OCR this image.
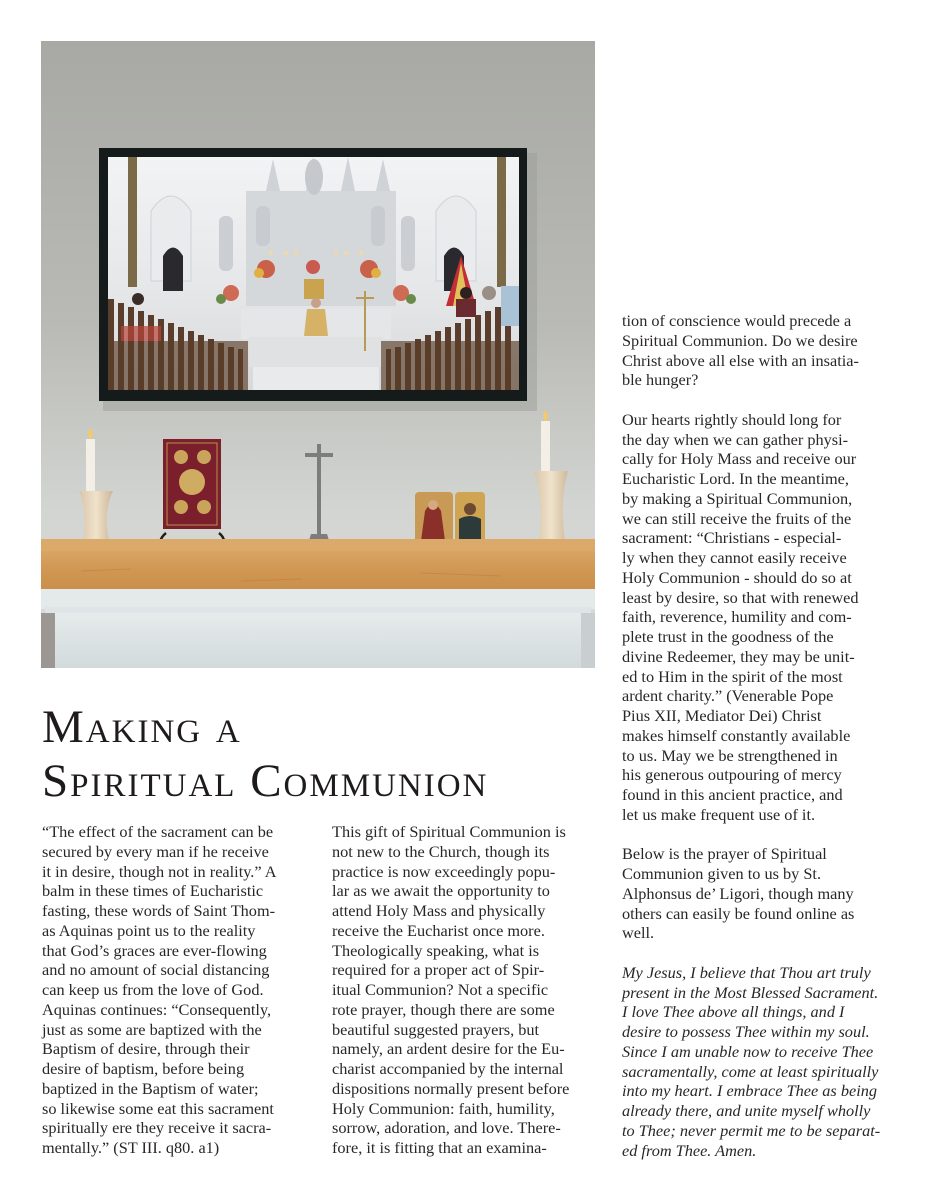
Making a
Spiritual Communion

“The effect of the sacrament can be
secured by every man if he receive
it in desire, though not in reality.” A
balm in these times of Eucharistic
fasting, these words of Saint Thom-
as Aquinas point us to the reality
that God’s graces are ever-flowing
and no amount of social distancing
can keep us from the love of God.
Aquinas continues: “Consequently,
just as some are baptized with the
Baptism of desire, through their
desire of baptism, before being
baptized in the Baptism of water;
so likewise some eat this sacrament
spiritually ere they receive it sacra-
mentally.” (ST III. q80. a1)

This gift of Spiritual Communion is
not new to the Church, though its
practice is now exceedingly popu-
lar as we await the opportunity to
attend Holy Mass and physically
receive the Eucharist once more.
Theologically speaking, what is
required for a proper act of Spir-
itual Communion? Not a specific
rote prayer, though there are some
beautiful suggested prayers, but
namely, an ardent desire for the Eu-
charist accompanied by the internal
dispositions normally present before
Holy Communion: faith, humility,
sorrow, adoration, and love. There-
fore, it is fitting that an examina-

tion of conscience would precede a
Spiritual Communion. Do we desire
Christ above all else with an insatia-
ble hunger?

Our hearts rightly should long for
the day when we can gather physi-
cally for Holy Mass and receive our
Eucharistic Lord. In the meantime,
by making a Spiritual Communion,
we can still receive the fruits of the
sacrament: “Christians - especial-
ly when they cannot easily receive
Holy Communion - should do so at
least by desire, so that with renewed
faith, reverence, humility and com-
plete trust in the goodness of the
divine Redeemer, they may be unit-
ed to Him in the spirit of the most
ardent charity.” (Venerable Pope
Pius XII, Mediator Dei) Christ
makes himself constantly available
to us. May we be strengthened in
his generous outpouring of mercy
found in this ancient practice, and
let us make frequent use of it.

Below is the prayer of Spiritual
Communion given to us by St.
Alphonsus de’ Ligori, though many
others can easily be found online as
well.

My Jesus, I believe that Thou art truly
present in the Most Blessed Sacrament.
I love Thee above all things, and I
desire to possess Thee within my soul.
Since I am unable now to receive Thee
sacramentally, come at least spiritually
into my heart. I embrace Thee as being
already there, and unite myself wholly
to Thee; never permit me to be separat-
ed from Thee. Amen.
